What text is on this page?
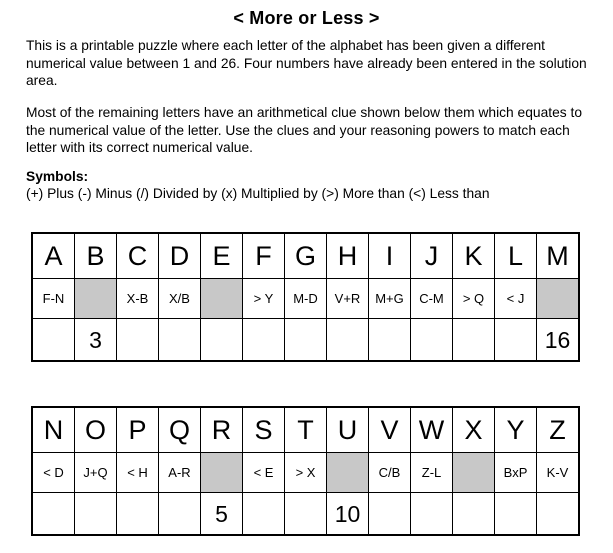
< More or Less >

This is a printable puzzle where each letter of the alphabet has been given a different numerical value between 1 and 26. Four numbers have already been entered in the solution area.

Most of the remaining letters have an arithmetical clue shown below them which equates to the numerical value of the letter. Use the clues and your reasoning powers to match each letter with its correct numerical value.

Symbols:
(+) Plus (-) Minus (/) Divided by (x) Multiplied by (>) More than (<) Less than
A	B	C	D	E	F	G	H	I	J	K	L	M
F-N		X-B	X/B		> Y	M-D	V+R	M+G	C-M	> Q	< J	
	3											16
N	O	P	Q	R	S	T	U	V	W	X	Y	Z
< D	J+Q	< H	A-R		< E	> X		C/B	Z-L		BxP	K-V
				5			10					
